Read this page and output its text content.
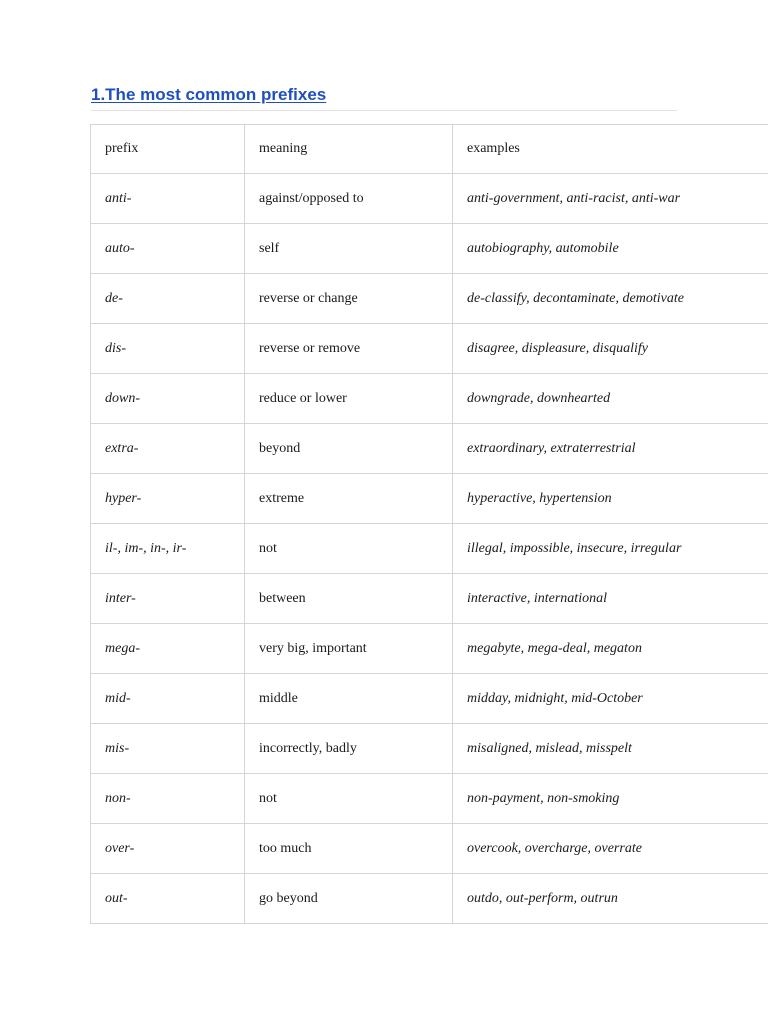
1.The most common prefixes
prefix	meaning	examples
anti-	against/opposed to	anti-government, anti-racist, anti-war
auto-	self	autobiography, automobile
de-	reverse or change	de-classify, decontaminate, demotivate
dis-	reverse or remove	disagree, displeasure, disqualify
down-	reduce or lower	downgrade, downhearted
extra-	beyond	extraordinary, extraterrestrial
hyper-	extreme	hyperactive, hypertension
il-, im-, in-, ir-	not	illegal, impossible, insecure, irregular
inter-	between	interactive, international
mega-	very big, important	megabyte, mega-deal, megaton
mid-	middle	midday, midnight, mid-October
mis-	incorrectly, badly	misaligned, mislead, misspelt
non-	not	non-payment, non-smoking
over-	too much	overcook, overcharge, overrate
out-	go beyond	outdo, out-perform, outrun
